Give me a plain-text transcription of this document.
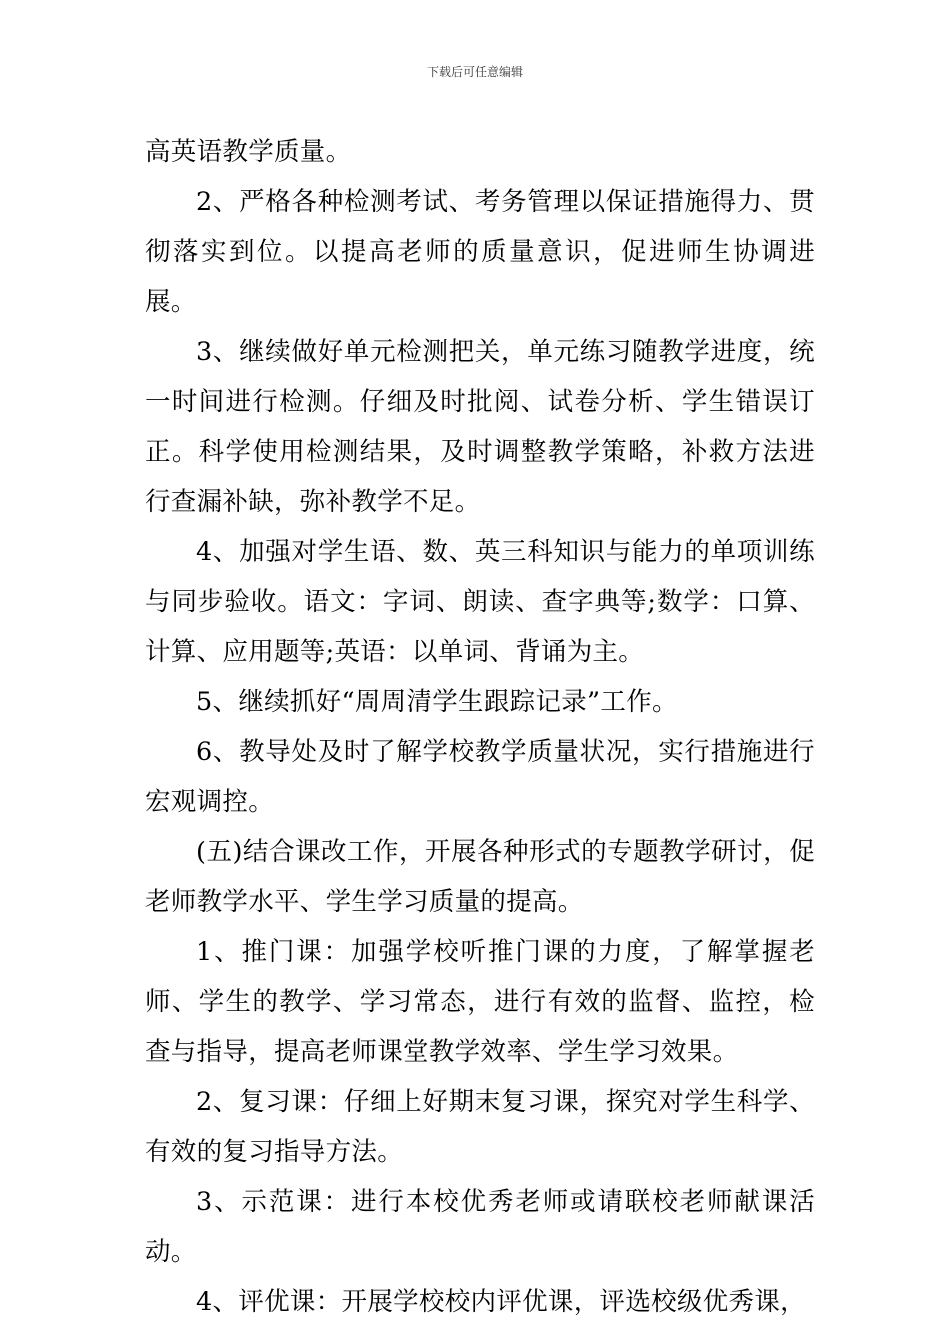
下载后可任意编辑

高英语教学质量。

2、严格各种检测考试、考务管理以保证措施得力、贯彻落实到位。以提高老师的质量意识，促进师生协调进展。

3、继续做好单元检测把关，单元练习随教学进度，统一时间进行检测。仔细及时批阅、试卷分析、学生错误订正。科学使用检测结果，及时调整教学策略，补救方法进行查漏补缺，弥补教学不足。

4、加强对学生语、数、英三科知识与能力的单项训练与同步验收。语文：字词、朗读、查字典等;数学：口算、计算、应用题等;英语：以单词、背诵为主。

5、继续抓好“周周清学生跟踪记录”工作。

6、教导处及时了解学校教学质量状况，实行措施进行宏观调控。

(五)结合课改工作，开展各种形式的专题教学研讨，促老师教学水平、学生学习质量的提高。

1、推门课：加强学校听推门课的力度，了解掌握老师、学生的教学、学习常态，进行有效的监督、监控，检查与指导，提高老师课堂教学效率、学生学习效果。

2、复习课：仔细上好期末复习课，探究对学生科学、有效的复习指导方法。

3、示范课：进行本校优秀老师或请联校老师献课活动。

4、评优课：开展学校校内评优课，评选校级优秀课，
